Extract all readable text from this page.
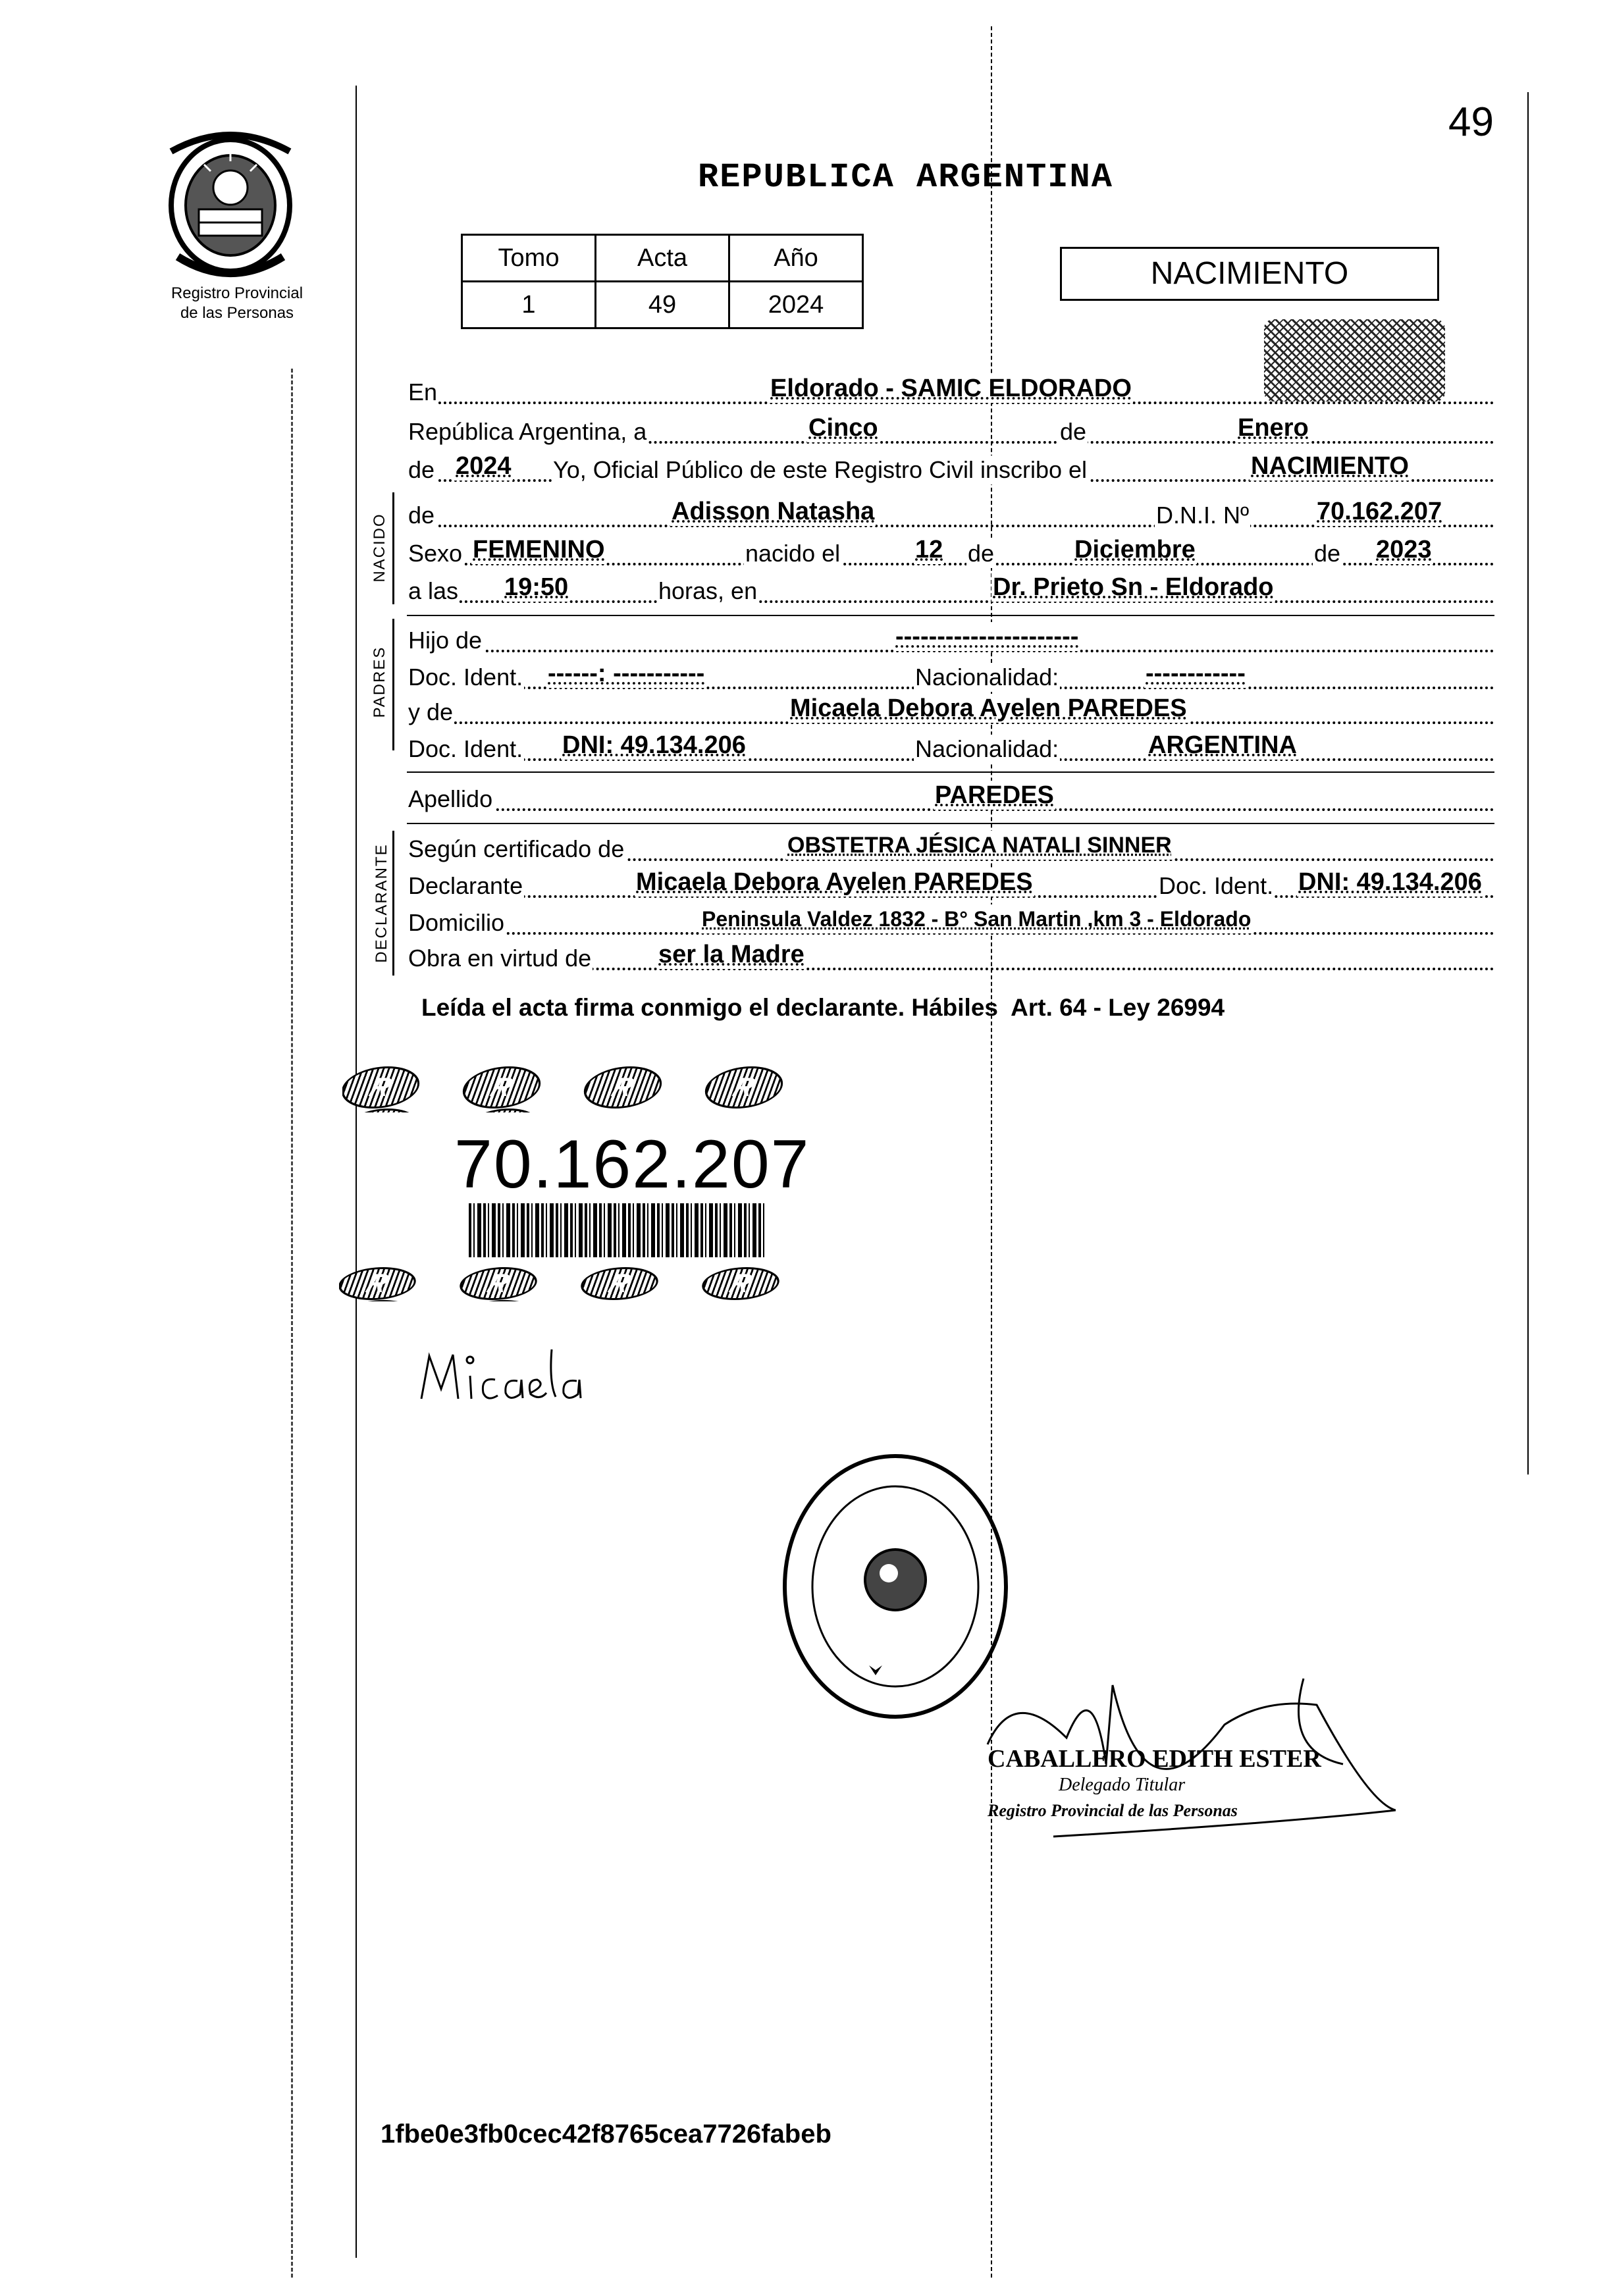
49
Registro Provincial
de las Personas
REPUBLICA ARGENTINA
Tomo	Acta	Año
1	49	2024
NACIMIENTO
En	Eldorado - SAMIC ELDORADO
República Argentina, a	Cinco	de	Enero
de 2024 Yo, Oficial Público de este Registro Civil inscribo el	NACIMIENTO
NACIDO de	Adisson Natasha	D.N.I. Nº	70.162.207
Sexo FEMENINO	nacido el	12 de	Diciembre	de 2023
a las 19:50	horas, en	Dr. Prieto Sn - Eldorado
PADRES
Hijo de	----------------------
Doc. Ident. ------: -----------	Nacionalidad:	------------
y de	Micaela Debora Ayelen PAREDES
Doc. Ident. DNI: 49.134.206	Nacionalidad:	ARGENTINA
Apellido	PAREDES
DECLARANTE Según certificado de	OBSTETRA JÉSICA NATALI SINNER
Declarante	Micaela Debora Ayelen PAREDES	Doc. Ident. DNI: 49.134.206
Domicilio	Peninsula Valdez 1832 - B° San Martin ,km 3 - Eldorado
Obra en virtud de	ser la Madre
Leída el acta firma conmigo el declarante. Hábiles  Art. 64 - Ley 26994
R	R	R	R
70.162.207
R	R	R	R
CABALLERO EDITH ESTER
Delegado Titular
Registro Provincial de las Personas
1fbe0e3fb0cec42f8765cea7726fabeb
